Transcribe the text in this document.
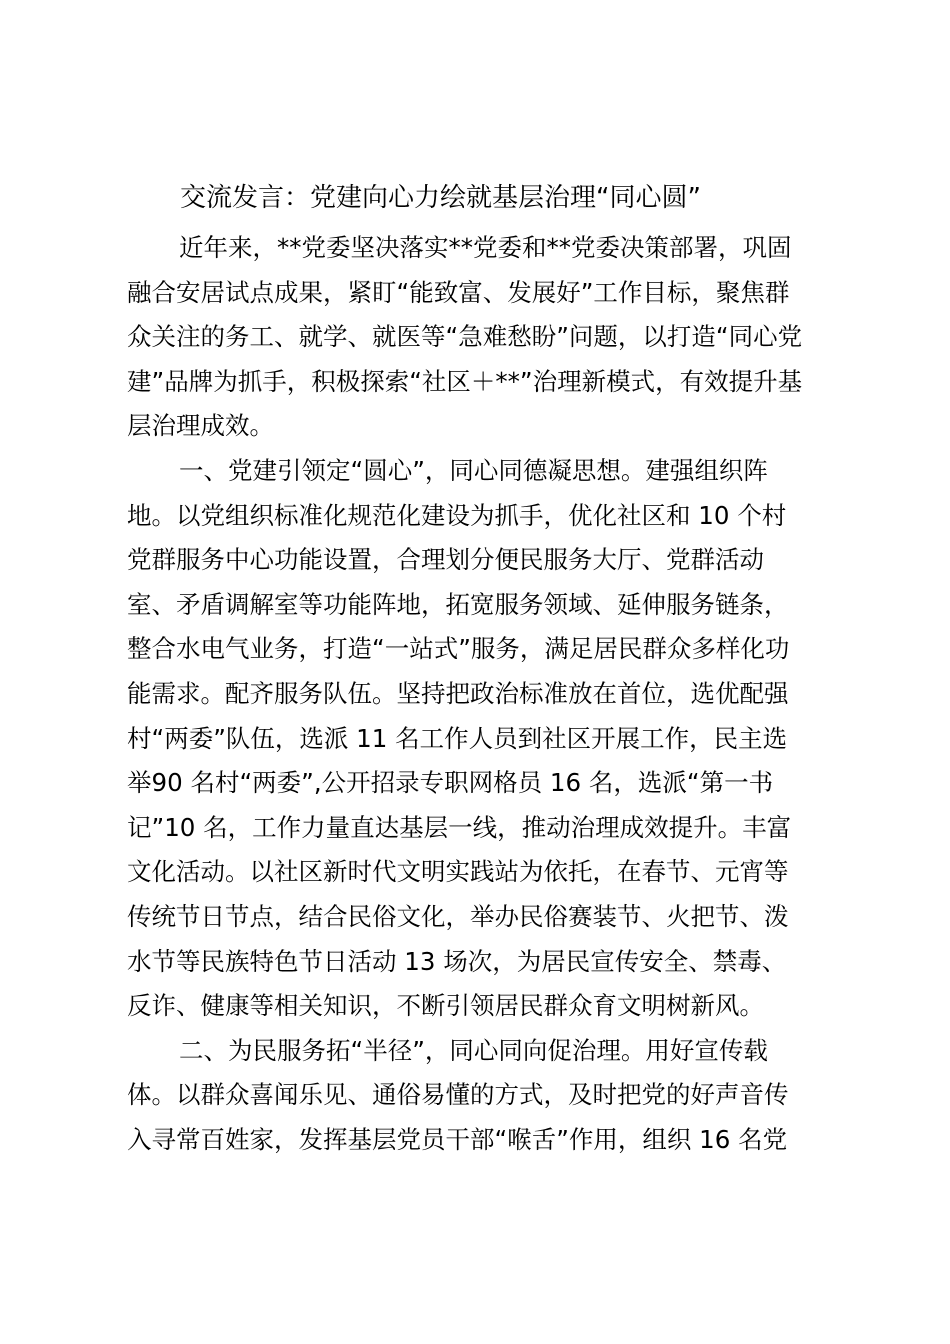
交流发言：党建向心力绘就基层治理“同心圆”
近年来，**党委坚决落实**党委和**党委决策部署，巩固
融合安居试点成果，紧盯“能致富、发展好”工作目标，聚焦群
众关注的务工、就学、就医等“急难愁盼”问题，以打造“同心党
建”品牌为抓手，积极探索“社区＋**”治理新模式，有效提升基
层治理成效。
一、党建引领定“圆心”，同心同德凝思想。建强组织阵
地。以党组织标准化规范化建设为抓手，优化社区和 10 个村
党群服务中心功能设置，合理划分便民服务大厅、党群活动
室、矛盾调解室等功能阵地，拓宽服务领域、延伸服务链条，
整合水电气业务，打造“一站式”服务，满足居民群众多样化功
能需求。配齐服务队伍。坚持把政治标准放在首位，选优配强
村“两委”队伍，选派 11 名工作人员到社区开展工作，民主选
举90 名村“两委”,公开招录专职网格员 16 名，选派“第一书
记”10 名，工作力量直达基层一线，推动治理成效提升。丰富
文化活动。以社区新时代文明实践站为依托，在春节、元宵等
传统节日节点，结合民俗文化，举办民俗赛装节、火把节、泼
水节等民族特色节日活动 13 场次，为居民宣传安全、禁毒、
反诈、健康等相关知识，不断引领居民群众育文明树新风。
二、为民服务拓“半径”，同心同向促治理。用好宣传载
体。以群众喜闻乐见、通俗易懂的方式，及时把党的好声音传
入寻常百姓家，发挥基层党员干部“喉舌”作用，组织 16 名党
